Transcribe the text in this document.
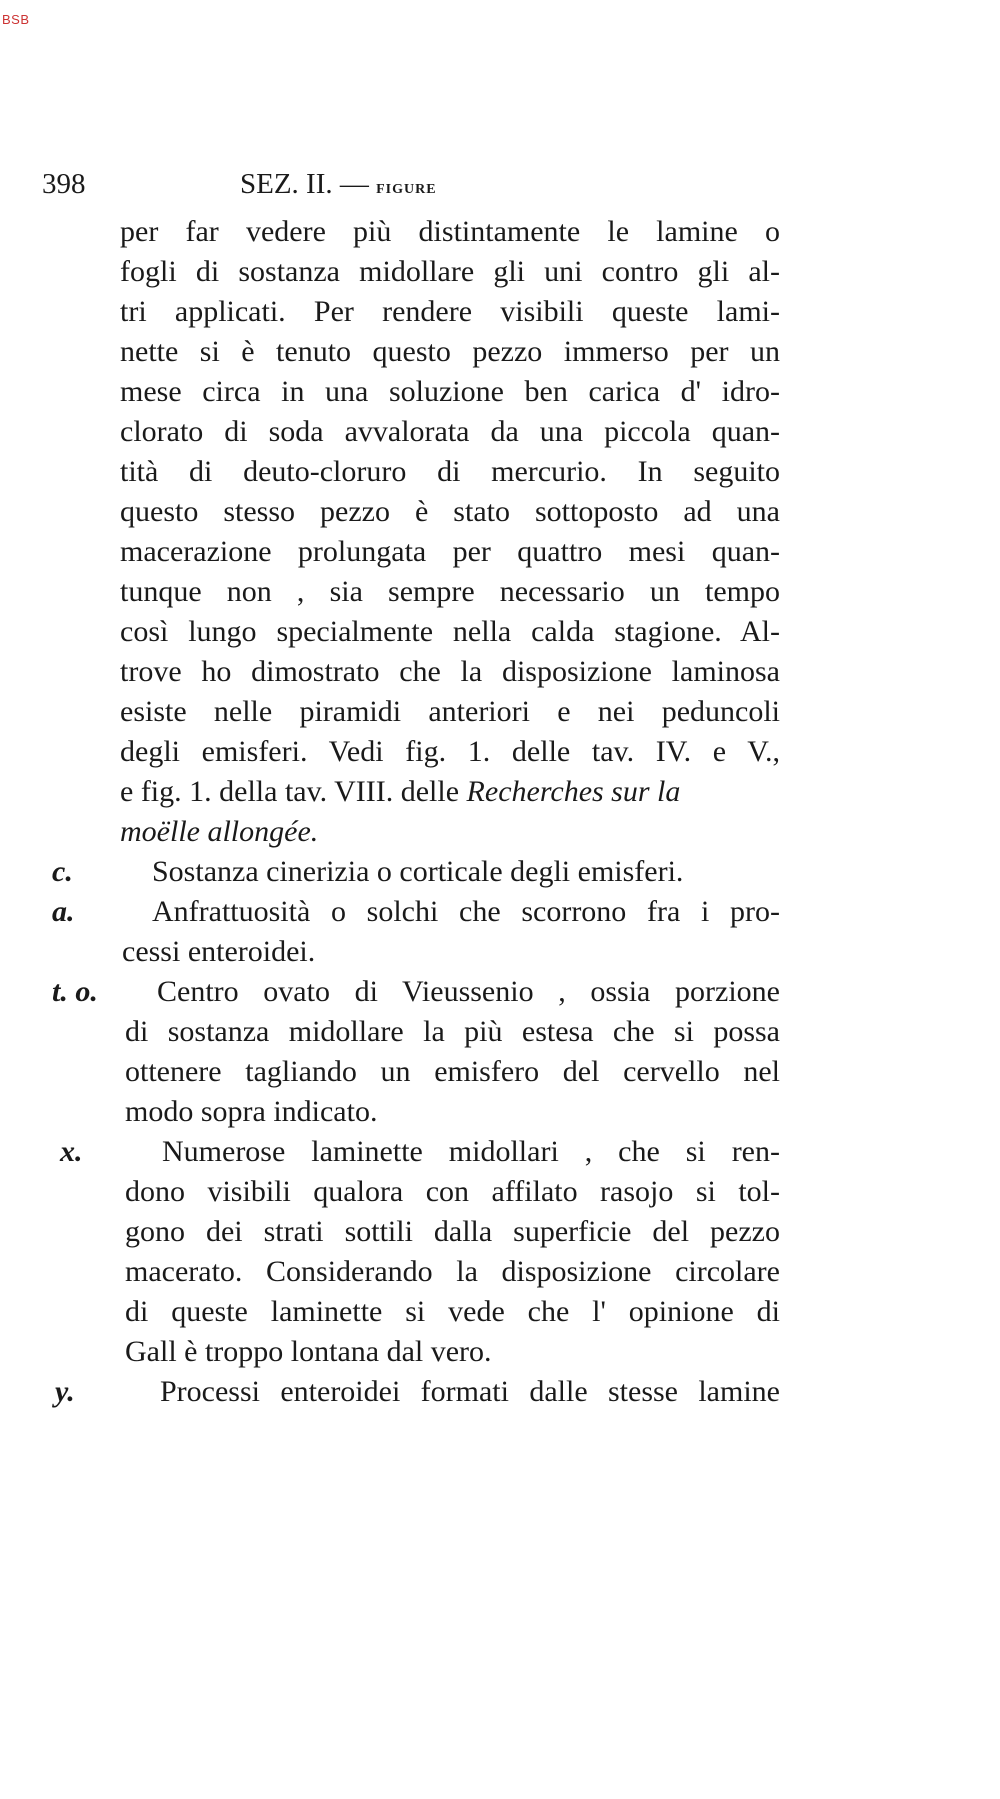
BSB
398	SEZ. II. — figure
per far vedere più distintamente le lamine o
fogli di sostanza midollare gli uni contro gli al-
tri applicati. Per rendere visibili queste lami-
nette si è tenuto questo pezzo immerso per un
mese circa in una soluzione ben carica d' idro-
clorato di soda avvalorata da una piccola quan-
tità di deuto-cloruro di mercurio. In seguito
questo stesso pezzo è stato sottoposto ad una
macerazione prolungata per quattro mesi quan-
tunque non , sia sempre necessario un tempo
così lungo specialmente nella calda stagione. Al-
trove ho dimostrato che la disposizione laminosa
esiste nelle piramidi anteriori e nei peduncoli
degli emisferi. Vedi fig. 1. delle tav. IV. e V.,
e fig. 1. della tav. VIII. delle Recherches sur la
moëlle allongée.
c.	Sostanza cinerizia o corticale degli emisferi.
a.	Anfrattuosità o solchi che scorrono fra i pro-
cessi enteroidei.
t. o. Centro ovato di Vieussenio , ossia porzione
di sostanza midollare la più estesa che si possa
ottenere tagliando un emisfero del cervello nel
modo sopra indicato.
x.	Numerose laminette midollari , che si ren-
dono visibili qualora con affilato rasojo si tol-
gono dei strati sottili dalla superficie del pezzo
macerato. Considerando la disposizione circolare
di queste laminette si vede che l' opinione di
Gall è troppo lontana dal vero.
y.	Processi enteroidei formati dalle stesse lamine
